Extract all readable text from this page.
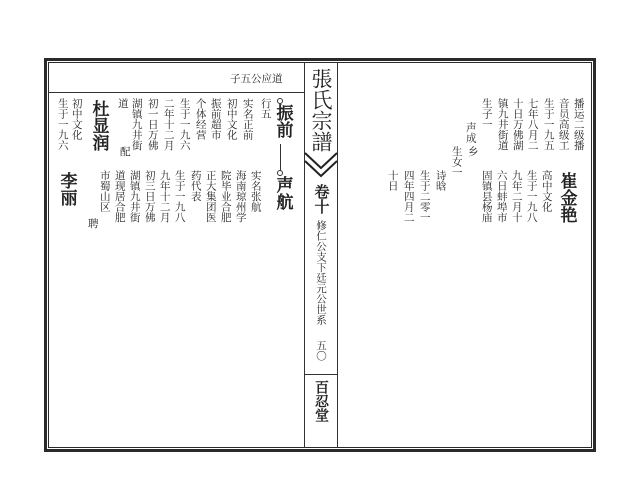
子五公应道 張氏宗譜
卷十
修仁公支下廷元公世系
五〇
百忍堂
行五 振前
声航
实名张航
实名正前
海南琼州学
初中文化
院毕业合肥
振前超市
正大集团医
个体经营
药代表
生于一九六
生于一九八
二年十二月
九年十二月
初一日万佛
初三日万佛
湖镇九井街
湖镇九井街
道
道现居合肥
配
市蜀山区
聘
杜显润
初中文化
生于一九六
李丽
播运二级播
音员高级工
生于一九五
七年八月二
十日万佛湖
镇九井街道
生子一
声成
崔金艳
高中文化
生于一九八
九年二月十
六日蚌埠市
固镇县杨庙
乡
生女一
诗晗
生于二零一
四年四月二
十日
